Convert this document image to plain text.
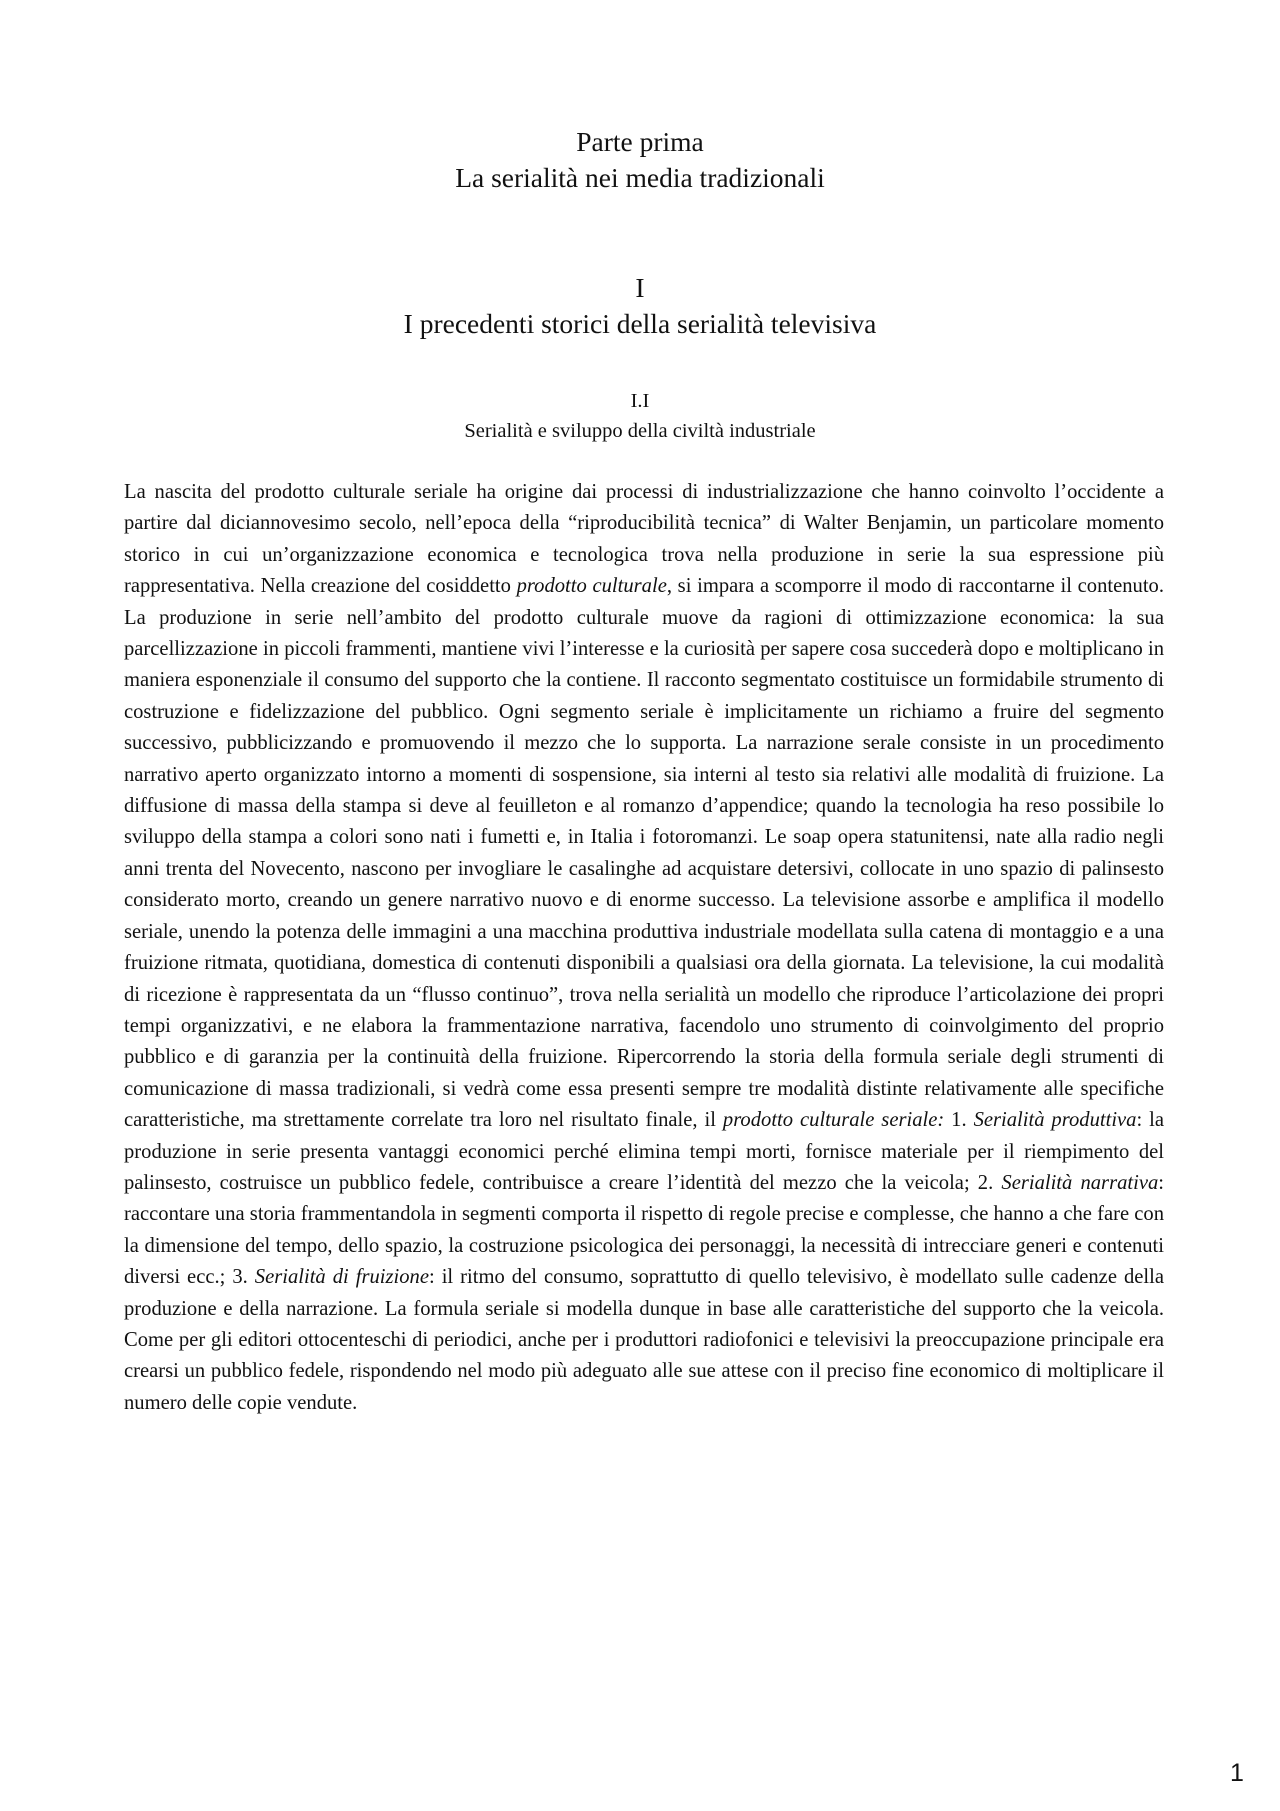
Parte prima
La serialità nei media tradizionali
I
I precedenti storici della serialità televisiva
I.I
Serialità e sviluppo della civiltà industriale

La nascita del prodotto culturale seriale ha origine dai processi di industrializzazione che hanno coinvolto l’occidente a partire dal diciannovesimo secolo, nell’epoca della “riproducibilità tecnica” di Walter Benjamin, un particolare momento storico in cui un’organizzazione economica e tecnologica trova nella produzione in serie la sua espressione più rappresentativa. Nella creazione del cosiddetto prodotto culturale, si impara a scomporre il modo di raccontarne il contenuto. La produzione in serie nell’ambito del prodotto culturale muove da ragioni di ottimizzazione economica: la sua parcellizzazione in piccoli frammenti, mantiene vivi l’interesse e la curiosità per sapere cosa succederà dopo e moltiplicano in maniera esponenziale il consumo del supporto che la contiene. Il racconto segmentato costituisce un formidabile strumento di costruzione e fidelizzazione del pubblico. Ogni segmento seriale è implicitamente un richiamo a fruire del segmento successivo, pubblicizzando e promuovendo il mezzo che lo supporta. La narrazione serale consiste in un procedimento narrativo aperto organizzato intorno a momenti di sospensione, sia interni al testo sia relativi alle modalità di fruizione. La diffusione di massa della stampa si deve al feuilleton e al romanzo d’appendice; quando la tecnologia ha reso possibile lo sviluppo della stampa a colori sono nati i fumetti e, in Italia i fotoromanzi. Le soap opera statunitensi, nate alla radio negli anni trenta del Novecento, nascono per invogliare le casalinghe ad acquistare detersivi, collocate in uno spazio di palinsesto considerato morto, creando un genere narrativo nuovo e di enorme successo. La televisione assorbe e amplifica il modello seriale, unendo la potenza delle immagini a una macchina produttiva industriale modellata sulla catena di montaggio e a una fruizione ritmata, quotidiana, domestica di contenuti disponibili a qualsiasi ora della giornata. La televisione, la cui modalità di ricezione è rappresentata da un “flusso continuo”, trova nella serialità un modello che riproduce l’articolazione dei propri tempi organizzativi, e ne elabora la frammentazione narrativa, facendolo uno strumento di coinvolgimento del proprio pubblico e di garanzia per la continuità della fruizione. Ripercorrendo la storia della formula seriale degli strumenti di comunicazione di massa tradizionali, si vedrà come essa presenti sempre tre modalità distinte relativamente alle specifiche caratteristiche, ma strettamente correlate tra loro nel risultato finale, il prodotto culturale seriale: 1. Serialità produttiva: la produzione in serie presenta vantaggi economici perché elimina tempi morti, fornisce materiale per il riempimento del palinsesto, costruisce un pubblico fedele, contribuisce a creare l’identità del mezzo che la veicola; 2. Serialità narrativa: raccontare una storia frammentandola in segmenti comporta il rispetto di regole precise e complesse, che hanno a che fare con la dimensione del tempo, dello spazio, la costruzione psicologica dei personaggi, la necessità di intrecciare generi e contenuti diversi ecc.; 3. Serialità di fruizione: il ritmo del consumo, soprattutto di quello televisivo, è modellato sulle cadenze della produzione e della narrazione. La formula seriale si modella dunque in base alle caratteristiche del supporto che la veicola. Come per gli editori ottocenteschi di periodici, anche per i produttori radiofonici e televisivi la preoccupazione principale era crearsi un pubblico fedele, rispondendo nel modo più adeguato alle sue attese con il preciso fine economico di moltiplicare il numero delle copie vendute.

1
